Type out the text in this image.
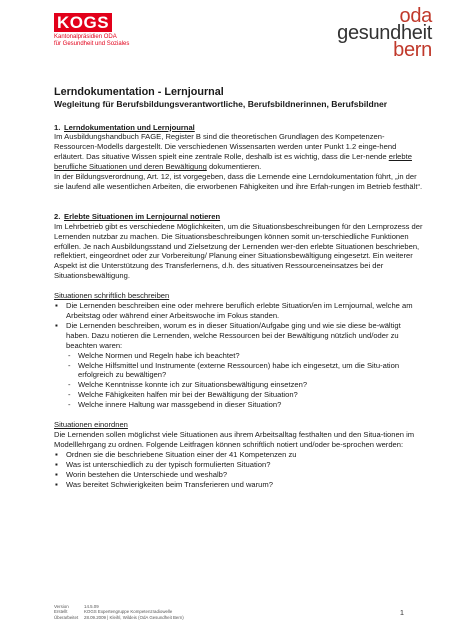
KOGS
Kantonalpräsidien ODA
für Gesundheit und Soziales
oda
gesundheit
bern
Lerndokumentation - Lernjournal
Wegleitung für Berufsbildungsverantwortliche, Berufsbildnerinnen, Berufsbildner

1. Lerndokumentation und Lernjournal

Im Ausbildungshandbuch FAGE, Register B sind die theoretischen Grundlagen des Kompetenzen-Ressourcen-Modells dargestellt. Die verschiedenen Wissensarten werden unter Punkt 1.2 einge-hend erläutert. Das situative Wissen spielt eine zentrale Rolle, deshalb ist es wichtig, dass die Ler-nende erlebte berufliche Situationen und deren Bewältigung dokumentieren.

In der Bildungsverordnung, Art. 12, ist vorgegeben, dass die Lernende eine Lerndokumentation führt, „in der sie laufend alle wesentlichen Arbeiten, die erworbenen Fähigkeiten und ihre Erfah-rungen im Betrieb festhält“.

2. Erlebte Situationen im Lernjournal notieren

Im Lehrbetrieb gibt es verschiedene Möglichkeiten, um die Situationsbeschreibungen für den Lernprozess der Lernenden nutzbar zu machen. Die Situationsbeschreibungen können somit un-terschiedliche Funktionen erfüllen. Je nach Ausbildungsstand und Zielsetzung der Lernenden wer-den erlebte Situationen beschrieben, reflektiert, eingeordnet oder zur Vorbereitung/ Planung einer Situationsbewältigung eingesetzt. Ein weiterer Aspekt ist die Unterstützung des Transferlernens, d.h. des situativen Ressourceneinsatzes bei der Situationsbewältigung.

Situationen schriftlich beschreiben

▪ Die Lernenden beschreiben eine oder mehrere beruflich erlebte Situation/en im Lernjournal, welche am Arbeitstag oder während einer Arbeitswoche im Fokus standen.
▪ Die Lernenden beschreiben, worum es in dieser Situation/Aufgabe ging und wie sie diese be-wältigt haben. Dazu notieren die Lernenden, welche Ressourcen bei der Bewältigung nützlich und/oder zu beachten waren:
- Welche Normen und Regeln habe ich beachtet?
- Welche Hilfsmittel und Instrumente (externe Ressourcen) habe ich eingesetzt, um die Situ-ation erfolgreich zu bewältigen?
- Welche Kenntnisse konnte ich zur Situationsbewältigung einsetzen?
- Welche Fähigkeiten halfen mir bei der Bewältigung der Situation?
- Welche innere Haltung war massgebend in dieser Situation?

Situationen einordnen

Die Lernenden sollen möglichst viele Situationen aus ihrem Arbeitsalltag festhalten und den Situa-tionen im Modelllehrgang zu ordnen. Folgende Leitfragen können schriftlich notiert und/oder be-sprochen werden:

▪ Ordnen sie die beschriebene Situation einer der 41 Kompetenzen zu
▪ Was ist unterschiedlich zu der typisch formulierten Situation?
▪ Worin bestehen die Unterschiede und weshalb?
▪ Was bereitet Schwierigkeiten beim Transferieren und warum?
Version	14.5.09
Erstellt	KOGS Expertengruppe Kompetenzradiowelle
Überarbeitet 28.09.2009 | Kleihl, Wildeis (OdA Gesundheit Bern)
1
